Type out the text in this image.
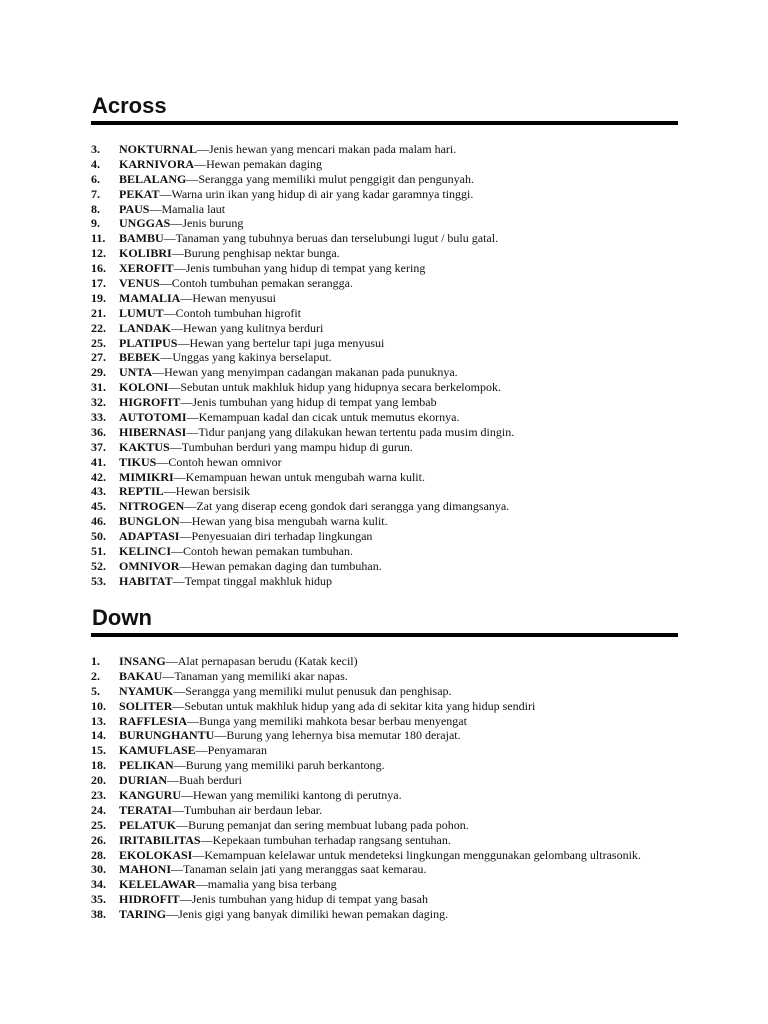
Across
3. NOKTURNAL—Jenis hewan yang mencari makan pada malam hari.
4. KARNIVORA—Hewan pemakan daging
6. BELALANG—Serangga yang memiliki mulut penggigit dan pengunyah.
7. PEKAT—Warna urin ikan yang hidup di air yang kadar garamnya tinggi.
8. PAUS—Mamalia laut
9. UNGGAS—Jenis burung
11. BAMBU—Tanaman yang tubuhnya beruas dan terselubungi lugut / bulu gatal.
12. KOLIBRI—Burung penghisap nektar bunga.
16. XEROFIT—Jenis tumbuhan yang hidup di tempat yang kering
17. VENUS—Contoh tumbuhan pemakan serangga.
19. MAMALIA—Hewan menyusui
21. LUMUT—Contoh tumbuhan higrofit
22. LANDAK—Hewan yang kulitnya berduri
25. PLATIPUS—Hewan yang bertelur tapi juga menyusui
27. BEBEK—Unggas yang kakinya berselaput.
29. UNTA—Hewan yang menyimpan cadangan makanan pada punuknya.
31. KOLONI—Sebutan untuk makhluk hidup yang hidupnya secara berkelompok.
32. HIGROFIT—Jenis tumbuhan yang hidup di tempat yang lembab
33. AUTOTOMI—Kemampuan kadal dan cicak untuk memutus ekornya.
36. HIBERNASI—Tidur panjang yang dilakukan hewan tertentu pada musim dingin.
37. KAKTUS—Tumbuhan berduri yang mampu hidup di gurun.
41. TIKUS—Contoh hewan omnivor
42. MIMIKRI—Kemampuan hewan untuk mengubah warna kulit.
43. REPTIL—Hewan bersisik
45. NITROGEN—Zat yang diserap eceng gondok dari serangga yang dimangsanya.
46. BUNGLON—Hewan yang bisa mengubah warna kulit.
50. ADAPTASI—Penyesuaian diri terhadap lingkungan
51. KELINCI—Contoh hewan pemakan tumbuhan.
52. OMNIVOR—Hewan pemakan daging dan tumbuhan.
53. HABITAT—Tempat tinggal makhluk hidup
Down
1. INSANG—Alat pernapasan berudu (Katak kecil)
2. BAKAU—Tanaman yang memiliki akar napas.
5. NYAMUK—Serangga yang memiliki mulut penusuk dan penghisap.
10. SOLITER—Sebutan untuk makhluk hidup yang ada di sekitar kita yang hidup sendiri
13. RAFFLESIA—Bunga yang memiliki mahkota besar berbau menyengat
14. BURUNGHANTU—Burung yang lehernya bisa memutar 180 derajat.
15. KAMUFLASE—Penyamaran
18. PELIKAN—Burung yang memiliki paruh berkantong.
20. DURIAN—Buah berduri
23. KANGURU—Hewan yang memiliki kantong di perutnya.
24. TERATAI—Tumbuhan air berdaun lebar.
25. PELATUK—Burung pemanjat dan sering membuat lubang pada pohon.
26. IRITABILITAS—Kepekaan tumbuhan terhadap rangsang sentuhan.
28. EKOLOKASI—Kemampuan kelelawar untuk mendeteksi lingkungan menggunakan gelombang ultrasonik.
30. MAHONI—Tanaman selain jati yang meranggas saat kemarau.
34. KELELAWAR—mamalia yang bisa terbang
35. HIDROFIT—Jenis tumbuhan yang hidup di tempat yang basah
38. TARING—Jenis gigi yang banyak dimiliki hewan pemakan daging.
